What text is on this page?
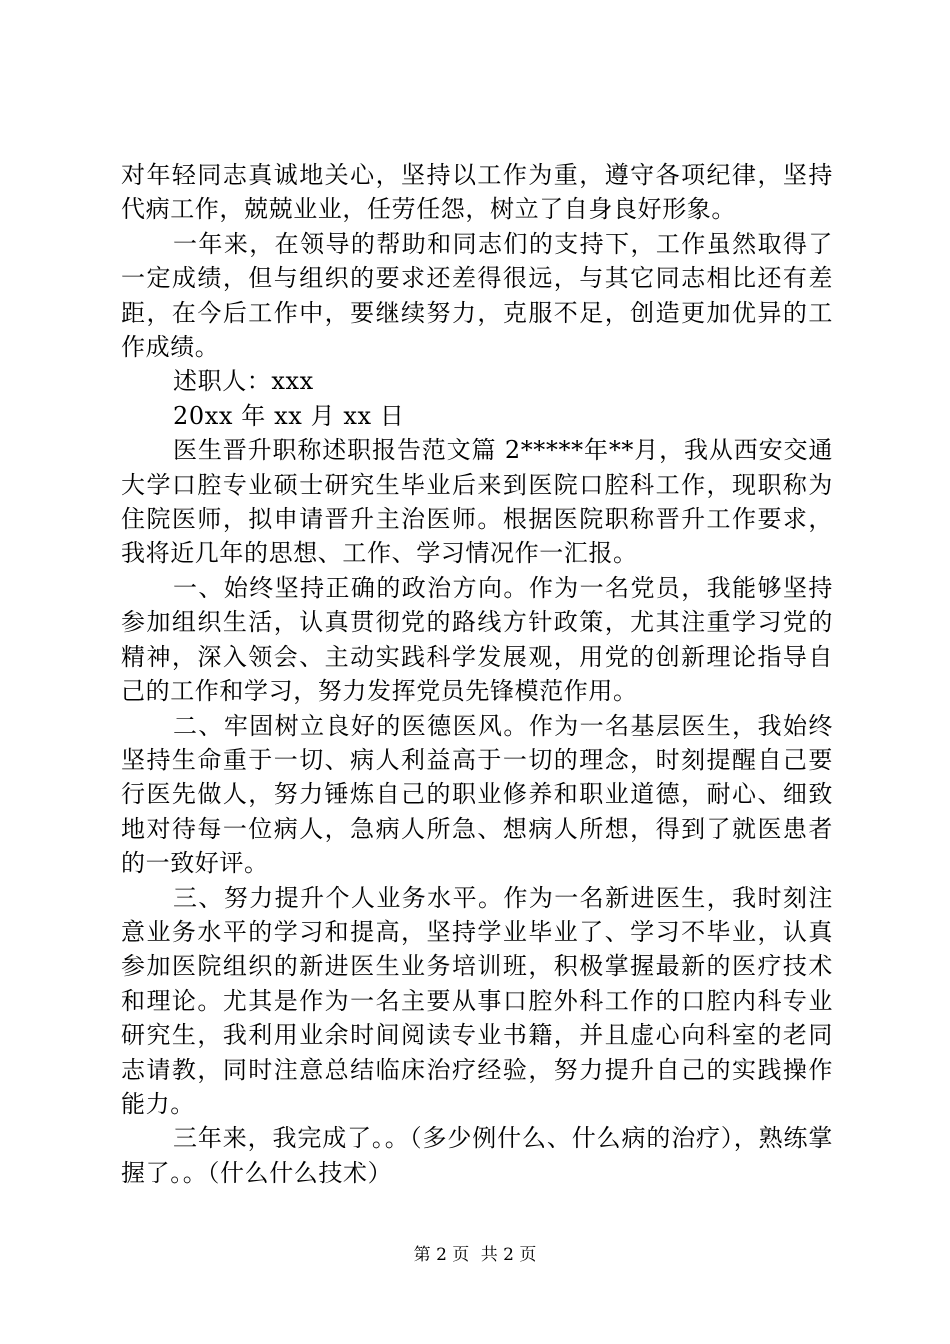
对年轻同志真诚地关心，坚持以工作为重，遵守各项纪律，坚持代病工作，兢兢业业，任劳任怨，树立了自身良好形象。

一年来，在领导的帮助和同志们的支持下，工作虽然取得了一定成绩，但与组织的要求还差得很远，与其它同志相比还有差距，在今后工作中，要继续努力，克服不足，创造更加优异的工作成绩。

述职人：xxx

20xx 年 xx 月 xx 日

医生晋升职称述职报告范文篇 2*****年**月，我从西安交通大学口腔专业硕士研究生毕业后来到医院口腔科工作，现职称为住院医师，拟申请晋升主治医师。根据医院职称晋升工作要求，我将近几年的思想、工作、学习情况作一汇报。

一、始终坚持正确的政治方向。作为一名党员，我能够坚持参加组织生活，认真贯彻党的路线方针政策，尤其注重学习党的精神，深入领会、主动实践科学发展观，用党的创新理论指导自己的工作和学习，努力发挥党员先锋模范作用。

二、牢固树立良好的医德医风。作为一名基层医生，我始终坚持生命重于一切、病人利益高于一切的理念，时刻提醒自己要行医先做人，努力锤炼自己的职业修养和职业道德，耐心、细致地对待每一位病人，急病人所急、想病人所想，得到了就医患者的一致好评。

三、努力提升个人业务水平。作为一名新进医生，我时刻注意业务水平的学习和提高，坚持学业毕业了、学习不毕业，认真参加医院组织的新进医生业务培训班，积极掌握最新的医疗技术和理论。尤其是作为一名主要从事口腔外科工作的口腔内科专业研究生，我利用业余时间阅读专业书籍，并且虚心向科室的老同志请教，同时注意总结临床治疗经验，努力提升自己的实践操作能力。

三年来，我完成了。。（多少例什么、什么病的治疗），熟练掌握了。。（什么什么技术）

第 2 页 共 2 页
